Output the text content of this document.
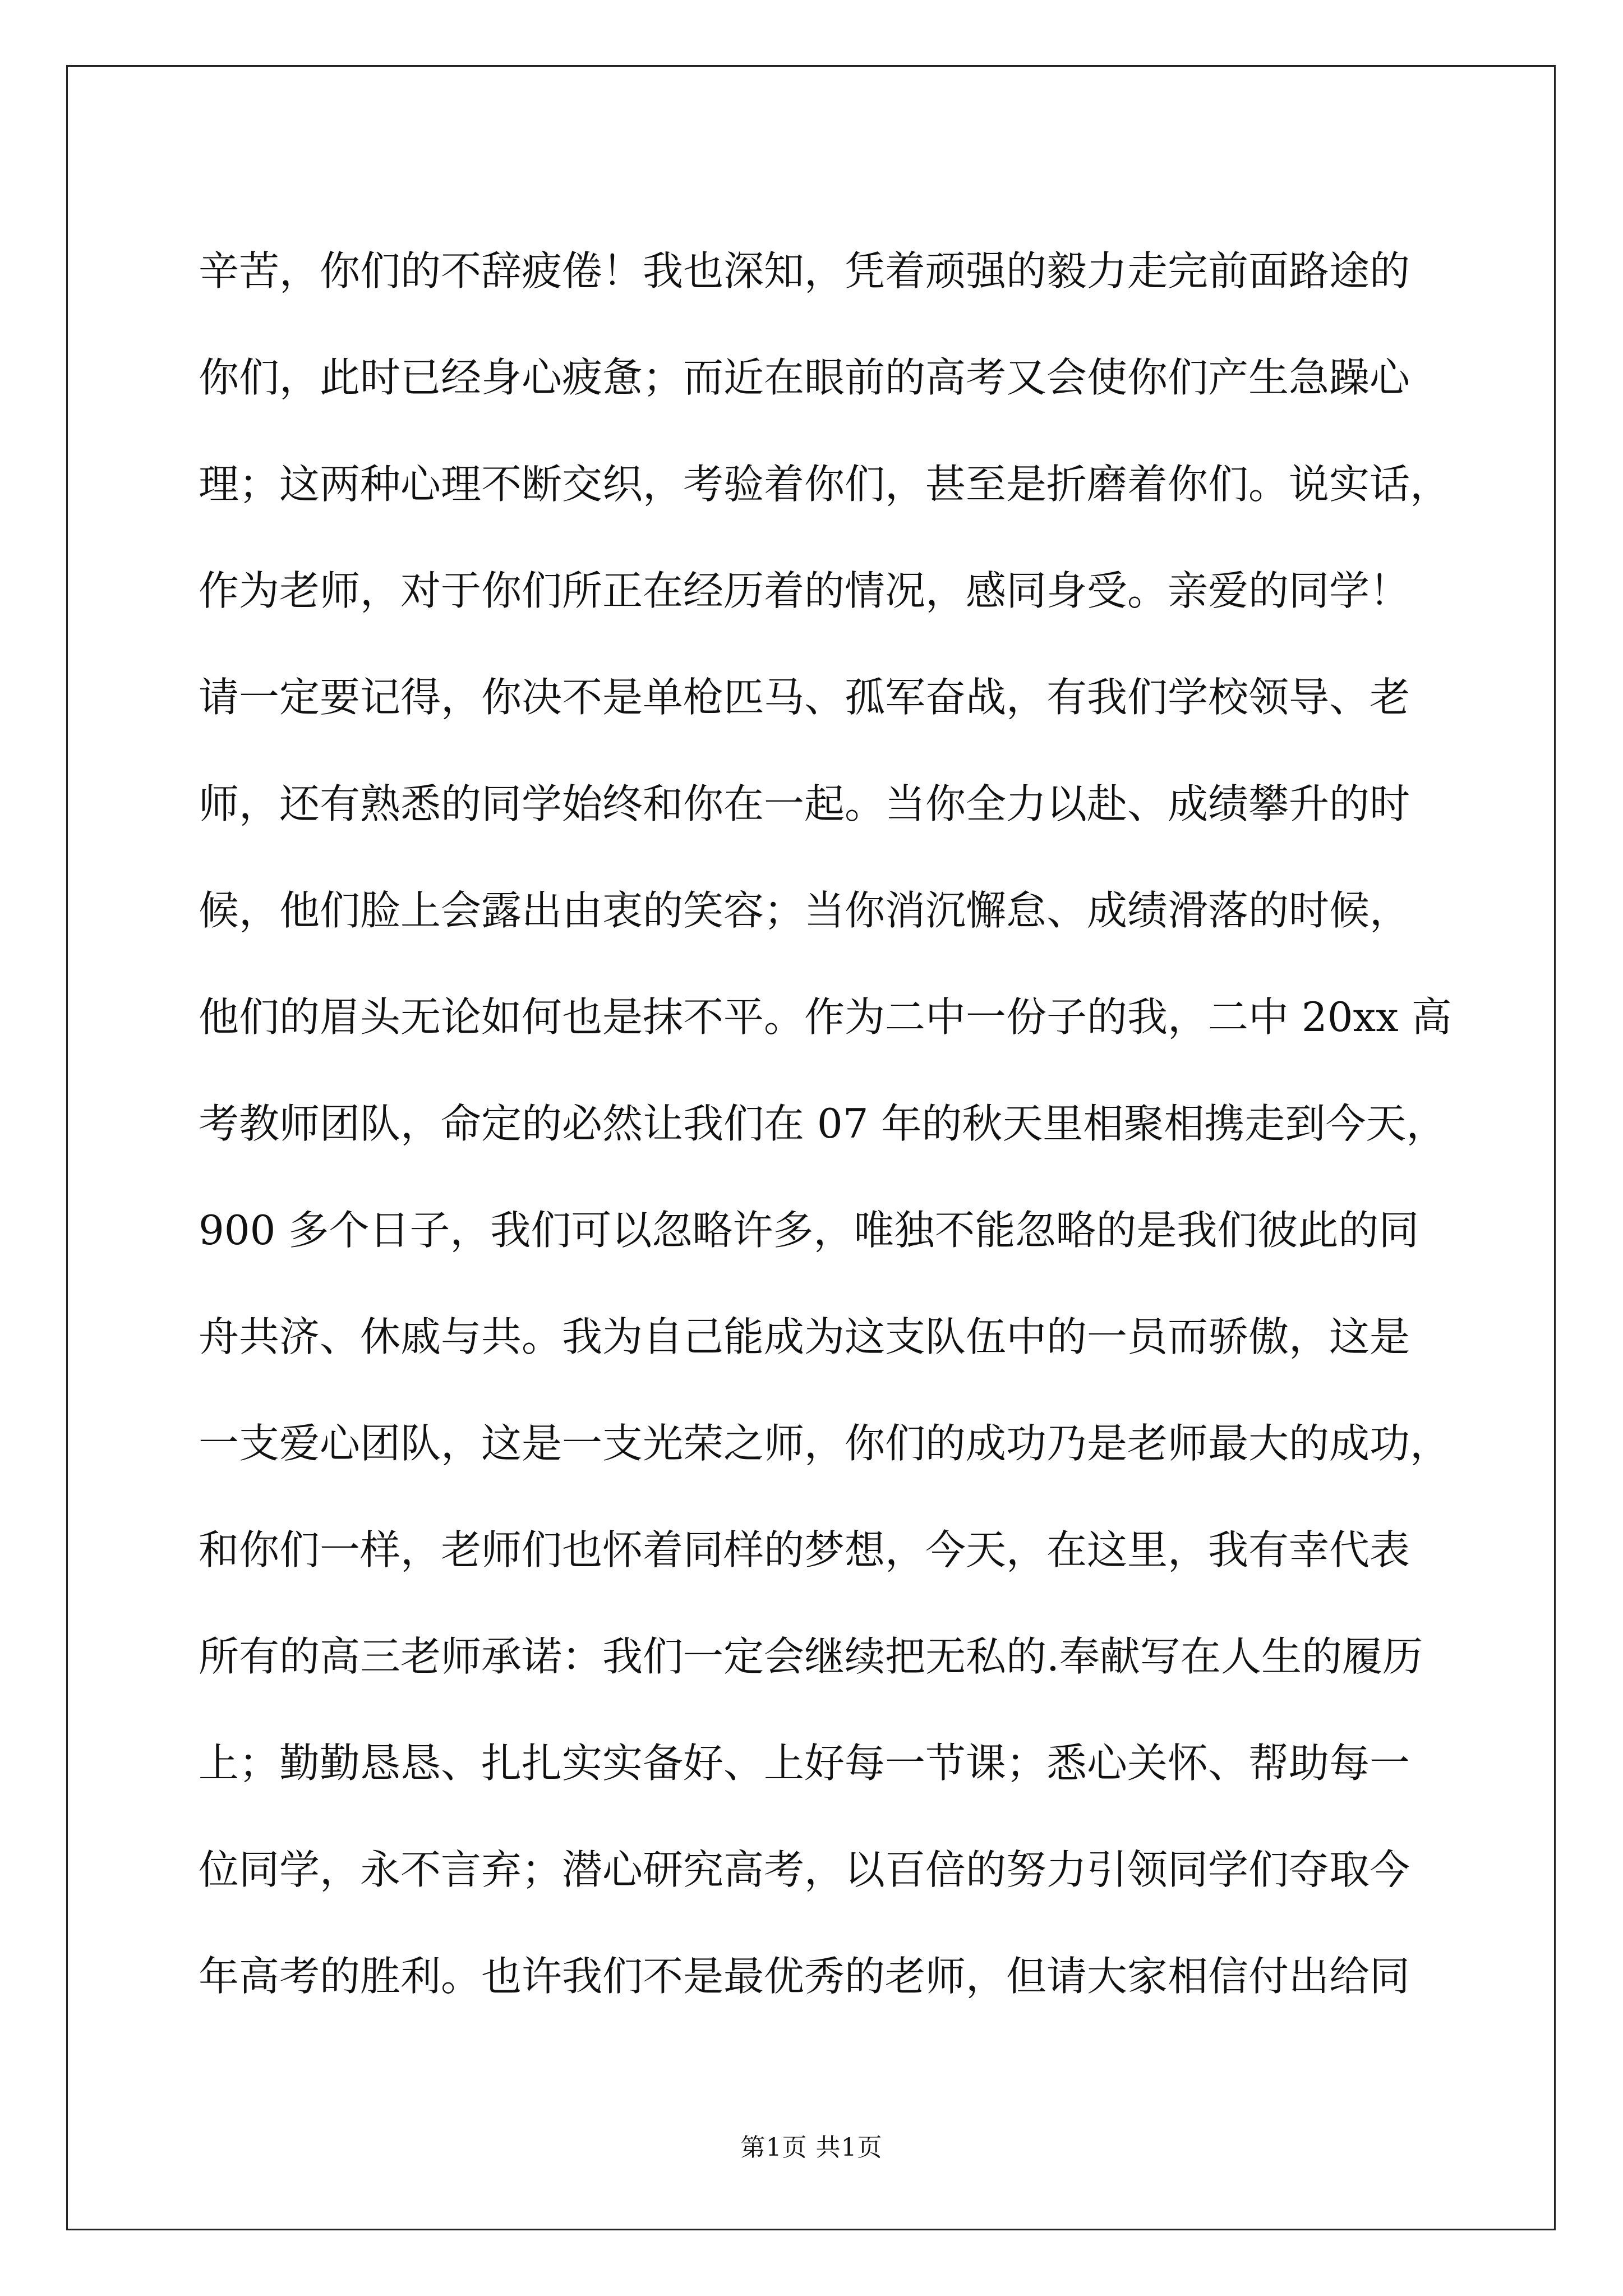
辛苦，你们的不辞疲倦！我也深知，凭着顽强的毅力走完前面路途的
你们，此时已经身心疲惫；而近在眼前的高考又会使你们产生急躁心
理；这两种心理不断交织，考验着你们，甚至是折磨着你们。说实话，
作为老师，对于你们所正在经历着的情况，感同身受。亲爱的同学！
请一定要记得，你决不是单枪匹马、孤军奋战，有我们学校领导、老
师，还有熟悉的同学始终和你在一起。当你全力以赴、成绩攀升的时
候，他们脸上会露出由衷的笑容；当你消沉懈怠、成绩滑落的时候，
他们的眉头无论如何也是抹不平。作为二中一份子的我，二中 20xx 高
考教师团队，命定的必然让我们在 07 年的秋天里相聚相携走到今天，
900 多个日子，我们可以忽略许多，唯独不能忽略的是我们彼此的同
舟共济、休戚与共。我为自己能成为这支队伍中的一员而骄傲，这是
一支爱心团队，这是一支光荣之师，你们的成功乃是老师最大的成功，
和你们一样，老师们也怀着同样的梦想，今天，在这里，我有幸代表
所有的高三老师承诺：我们一定会继续把无私的.奉献写在人生的履历
上；勤勤恳恳、扎扎实实备好、上好每一节课；悉心关怀、帮助每一
位同学，永不言弃；潜心研究高考，以百倍的努力引领同学们夺取今
年高考的胜利。也许我们不是最优秀的老师，但请大家相信付出给同
第1页 共1页
